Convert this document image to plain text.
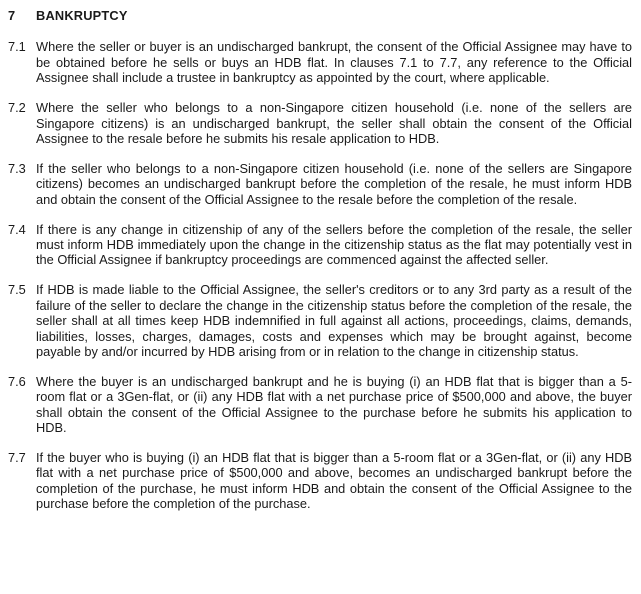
7	BANKRUPTCY
7.1 Where the seller or buyer is an undischarged bankrupt, the consent of the Official Assignee may have to be obtained before he sells or buys an HDB flat. In clauses 7.1 to 7.7, any reference to the Official Assignee shall include a trustee in bankruptcy as appointed by the court, where applicable.
7.2 Where the seller who belongs to a non-Singapore citizen household (i.e. none of the sellers are Singapore citizens) is an undischarged bankrupt, the seller shall obtain the consent of the Official Assignee to the resale before he submits his resale application to HDB.
7.3 If the seller who belongs to a non-Singapore citizen household (i.e. none of the sellers are Singapore citizens) becomes an undischarged bankrupt before the completion of the resale, he must inform HDB and obtain the consent of the Official Assignee to the resale before the completion of the resale.
7.4 If there is any change in citizenship of any of the sellers before the completion of the resale, the seller must inform HDB immediately upon the change in the citizenship status as the flat may potentially vest in the Official Assignee if bankruptcy proceedings are commenced against the affected seller.
7.5 If HDB is made liable to the Official Assignee, the seller's creditors or to any 3rd party as a result of the failure of the seller to declare the change in the citizenship status before the completion of the resale, the seller shall at all times keep HDB indemnified in full against all actions, proceedings, claims, demands, liabilities, losses, charges, damages, costs and expenses which may be brought against, become payable by and/or incurred by HDB arising from or in relation to the change in citizenship status.
7.6 Where the buyer is an undischarged bankrupt and he is buying (i) an HDB flat that is bigger than a 5-room flat or a 3Gen-flat, or (ii) any HDB flat with a net purchase price of $500,000 and above, the buyer shall obtain the consent of the Official Assignee to the purchase before he submits his application to HDB.
7.7 If the buyer who is buying (i) an HDB flat that is bigger than a 5-room flat or a 3Gen-flat, or (ii) any HDB flat with a net purchase price of $500,000 and above, becomes an undischarged bankrupt before the completion of the purchase, he must inform HDB and obtain the consent of the Official Assignee to the purchase before the completion of the purchase.
